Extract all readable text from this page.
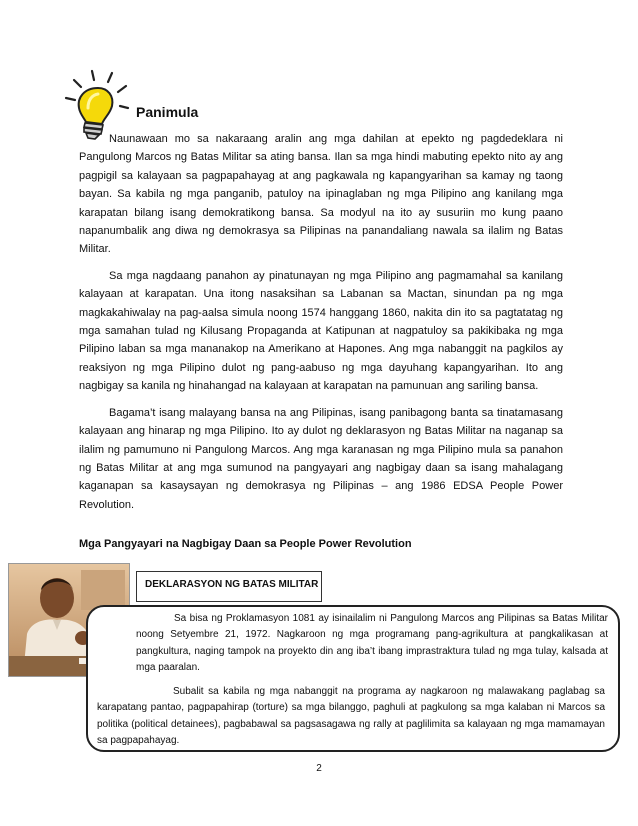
Panimula

Naunawaan mo sa nakaraang aralin ang mga dahilan at epekto ng pagdedeklara ni Pangulong Marcos ng Batas Militar sa ating bansa. Ilan sa mga hindi mabuting epekto nito ay ang pagpigil sa kalayaan sa pagpapahayag at ang pagkawala ng kapangyarihan sa kamay ng taong bayan. Sa kabila ng mga panganib, patuloy na ipinaglaban ng mga Pilipino ang kanilang mga karapatan bilang isang demokratikong bansa. Sa modyul na ito ay susuriin mo kung paano napanumbalik ang diwa ng demokrasya sa Pilipinas na panandaliang nawala sa ilalim ng Batas Militar.

Sa mga nagdaang panahon ay pinatunayan ng mga Pilipino ang pagmamahal sa kanilang kalayaan at karapatan. Una itong nasaksihan sa Labanan sa Mactan, sinundan pa ng mga magkakahiwalay na pag-aalsa simula noong 1574 hanggang 1860, nakita din ito sa pagtatatag ng mga samahan tulad ng Kilusang Propaganda at Katipunan at nagpatuloy sa pakikibaka ng mga Pilipino laban sa mga mananakop na Amerikano at Hapones. Ang mga nabanggit na pagkilos ay reaksiyon ng mga Pilipino dulot ng pang-aabuso ng mga dayuhang kapangyarihan. Ito ang nagbigay sa kanila ng hinahangad na kalayaan at karapatan na pamunuan ang sariling bansa.

Bagama’t isang malayang bansa na ang Pilipinas, isang panibagong banta sa tinatamasang kalayaan ang hinarap ng mga Pilipino. Ito ay dulot ng deklarasyon ng Batas Militar na naganap sa ilalim ng pamumuno ni Pangulong Marcos. Ang mga karanasan ng mga Pilipino mula sa panahon ng Batas Militar at ang mga sumunod na pangyayari ang nagbigay daan sa isang mahalagang kaganapan sa kasaysayan ng demokrasya ng Pilipinas – ang 1986 EDSA People Power Revolution.

Mga Pangyayari na Nagbigay Daan sa People Power Revolution
DEKLARASYON NG BATAS MILITAR

Sa bisa ng Proklamasyon 1081 ay isinailalim ni Pangulong Marcos ang Pilipinas sa Batas Militar noong Setyembre 21, 1972. Nagkaroon ng mga programang pang-agrikultura at pangkalikasan at pangkultura, naging tampok na proyekto din ang iba’t ibang imprastraktura tulad ng mga tulay, kalsada at mga paaralan.

Subalit sa kabila ng mga nabanggit na programa ay nagkaroon ng malawakang paglabag sa karapatang pantao, pagpapahirap (torture) sa mga bilanggo, paghuli at pagkulong sa mga kalaban ni Marcos sa politika (political detainees), pagbabawal sa pagsasagawa ng rally at paglilimita sa kalayaan ng mga mamamayan sa pagpapahayag.

2
